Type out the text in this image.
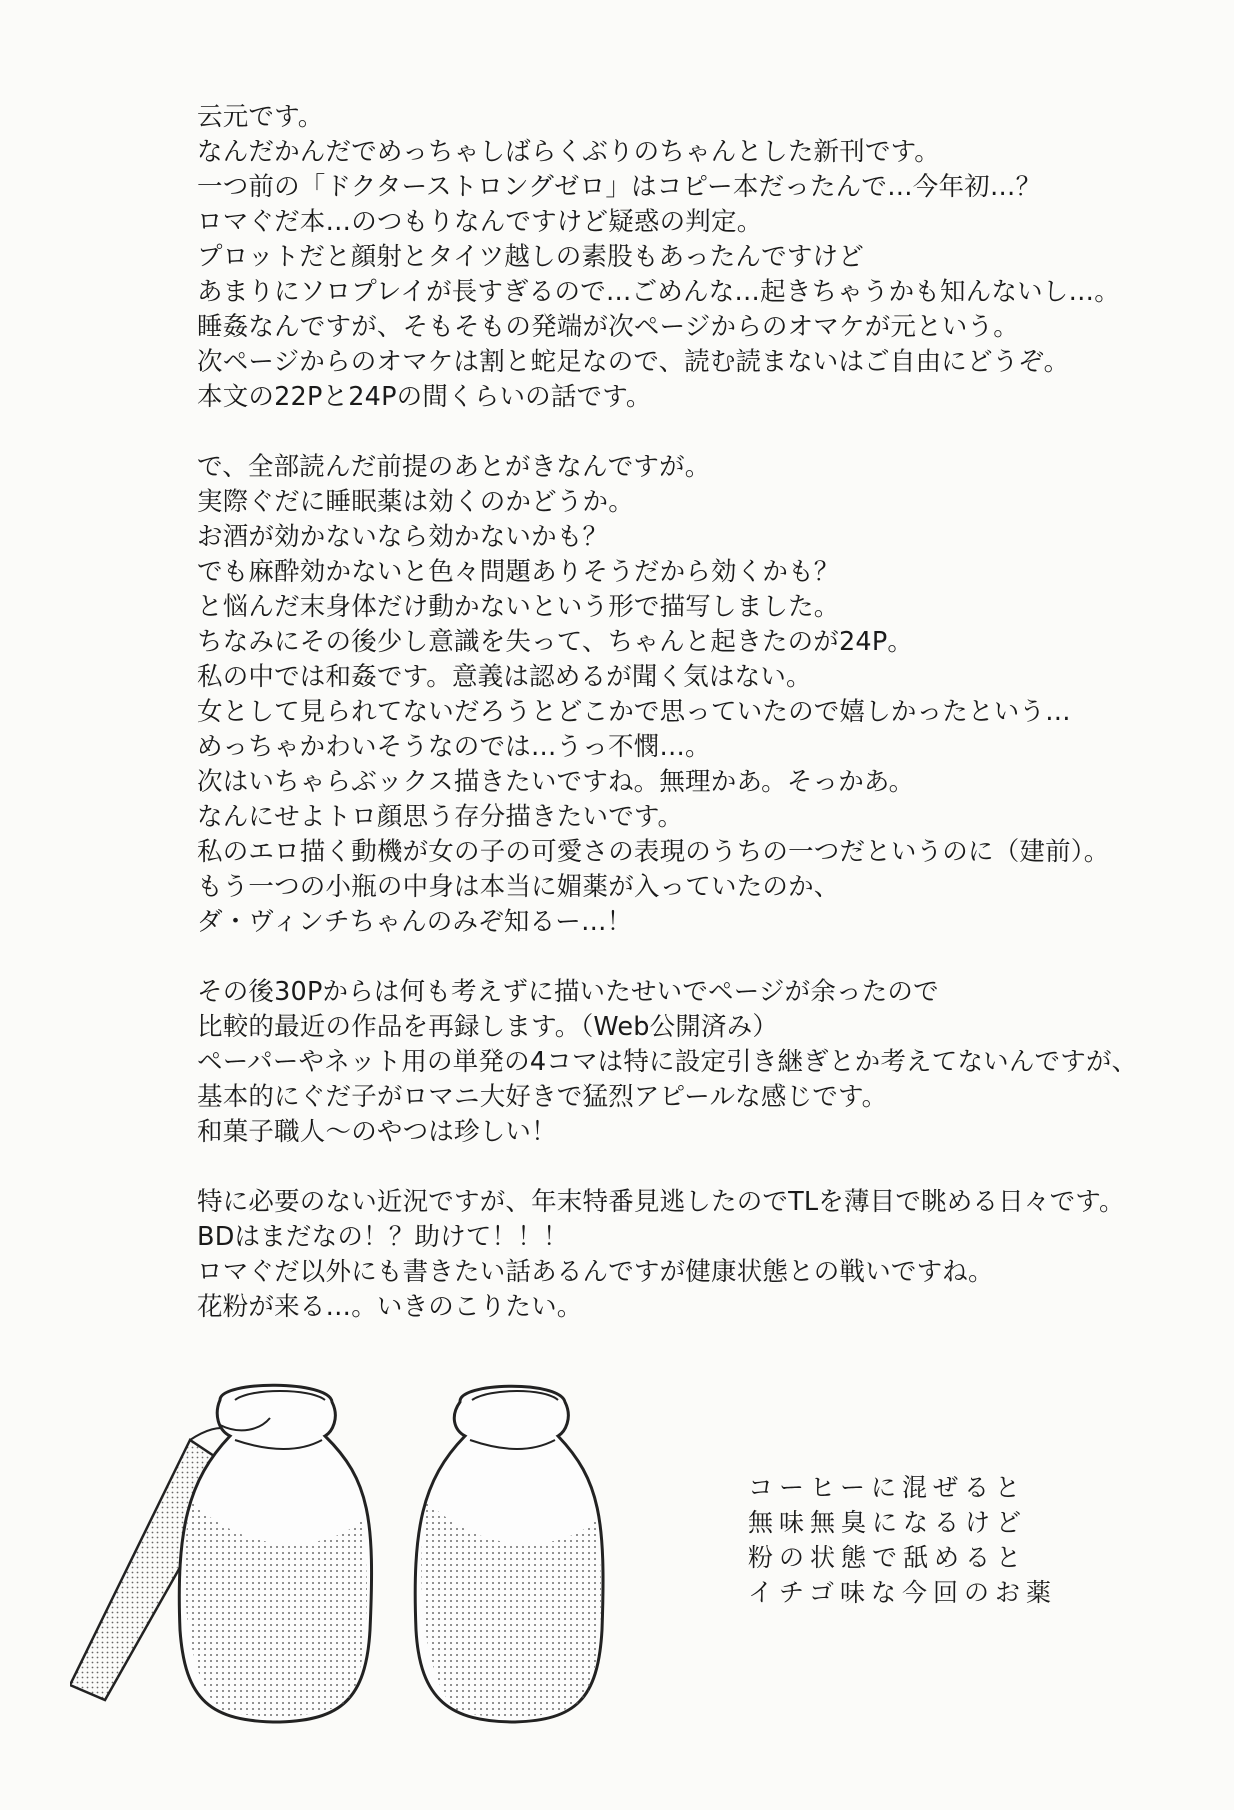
云元です。
なんだかんだでめっちゃしばらくぶりのちゃんとした新刊です。
一つ前の「ドクターストロングゼロ」はコピー本だったんで…今年初…？
ロマぐだ本…のつもりなんですけど疑惑の判定。
プロットだと顔射とタイツ越しの素股もあったんですけど
あまりにソロプレイが長すぎるので…ごめんな…起きちゃうかも知んないし…。
睡姦なんですが、そもそもの発端が次ページからのオマケが元という。
次ページからのオマケは割と蛇足なので、読む読まないはご自由にどうぞ。
本文の22Pと24Pの間くらいの話です。
で、全部読んだ前提のあとがきなんですが。
実際ぐだに睡眠薬は効くのかどうか。
お酒が効かないなら効かないかも？
でも麻酔効かないと色々問題ありそうだから効くかも？
と悩んだ末身体だけ動かないという形で描写しました。
ちなみにその後少し意識を失って、ちゃんと起きたのが24P。
私の中では和姦です。意義は認めるが聞く気はない。
女として見られてないだろうとどこかで思っていたので嬉しかったという…
めっちゃかわいそうなのでは…うっ不憫…。
次はいちゃらぶックス描きたいですね。無理かあ。そっかあ。
なんにせよトロ顔思う存分描きたいです。
私のエロ描く動機が女の子の可愛さの表現のうちの一つだというのに（建前）。
もう一つの小瓶の中身は本当に媚薬が入っていたのか、
ダ・ヴィンチちゃんのみぞ知るー…！
その後30Pからは何も考えずに描いたせいでページが余ったので
比較的最近の作品を再録します。（Web公開済み）
ペーパーやネット用の単発の4コマは特に設定引き継ぎとか考えてないんですが、
基本的にぐだ子がロマニ大好きで猛烈アピールな感じです。
和菓子職人～のやつは珍しい！
特に必要のない近況ですが、年末特番見逃したのでTLを薄目で眺める日々です。
BDはまだなの！？助けて！！！
ロマぐだ以外にも書きたい話あるんですが健康状態との戦いですね。
花粉が来る…。いきのこりたい。
コーヒーに混ぜると
無味無臭になるけど
粉の状態で舐めると
イチゴ味な今回のお薬
